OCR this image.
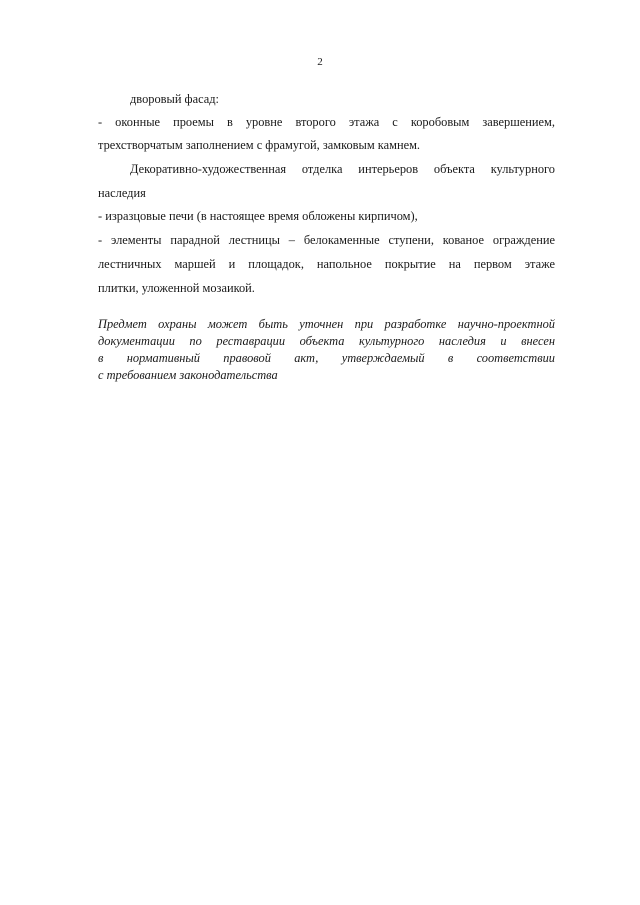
2
дворовый фасад:
- оконные проемы в уровне второго этажа с коробовым завершением,
трехстворчатым заполнением с фрамугой, замковым камнем.
Декоративно-художественная отделка интерьеров объекта культурного
наследия
- изразцовые печи (в настоящее время обложены кирпичом),
- элементы парадной лестницы – белокаменные ступени, кованое ограждение
лестничных маршей и площадок, напольное покрытие на первом этаже
плитки, уложенной мозаикой.
Предмет охраны может быть уточнен при разработке научно-проектной
документации по реставрации объекта культурного наследия и внесен
в нормативный правовой акт, утверждаемый в соответствии
с требованием законодательства
